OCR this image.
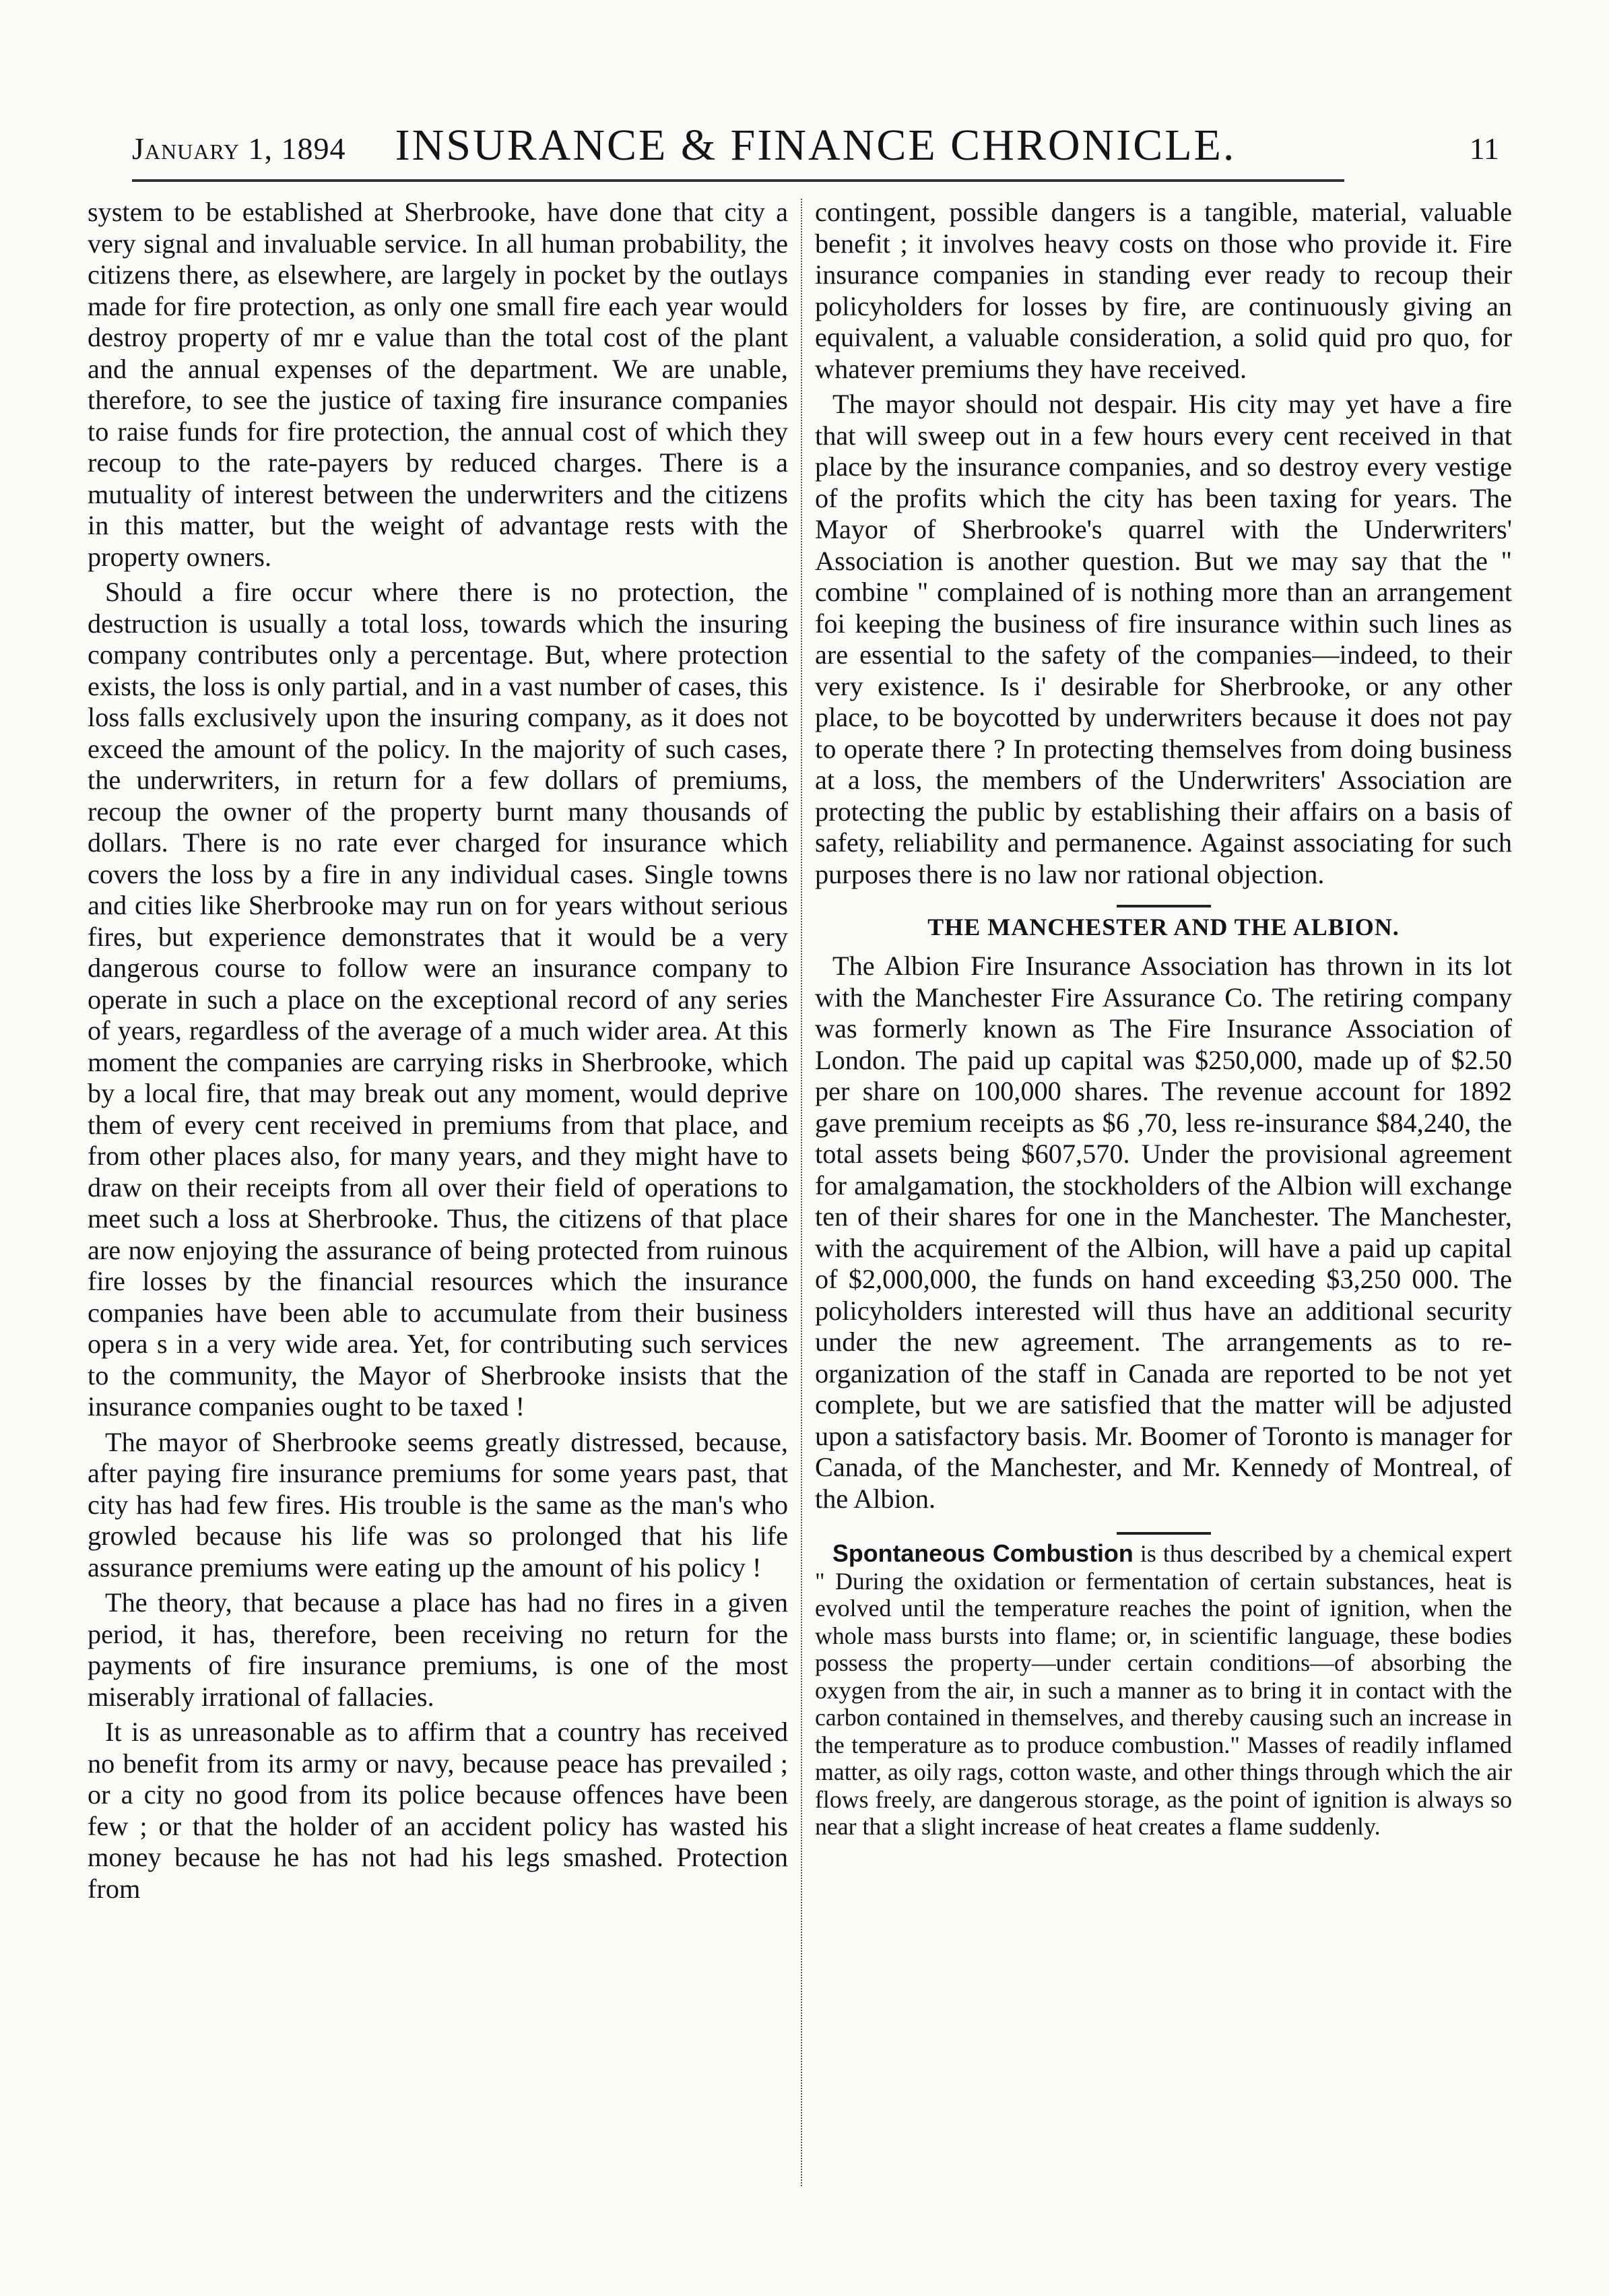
January 1, 1894	INSURANCE & FINANCE CHRONICLE.	11

system to be established at Sherbrooke, have done that city a very signal and invaluable service. In all human probability, the citizens there, as elsewhere, are largely in pocket by the outlays made for fire protection, as only one small fire each year would destroy property of mr e value than the total cost of the plant and the annual expenses of the department. We are unable, therefore, to see the justice of taxing fire insurance companies to raise funds for fire protection, the annual cost of which they recoup to the rate-payers by reduced charges. There is a mutuality of interest between the underwriters and the citizens in this matter, but the weight of advantage rests with the property owners.

Should a fire occur where there is no protection, the destruction is usually a total loss, towards which the insuring company contributes only a percentage. But, where protection exists, the loss is only partial, and in a vast number of cases, this loss falls exclusively upon the insuring company, as it does not exceed the amount of the policy. In the majority of such cases, the underwriters, in return for a few dollars of premiums, recoup the owner of the property burnt many thousands of dollars. There is no rate ever charged for insurance which covers the loss by a fire in any individual cases. Single towns and cities like Sherbrooke may run on for years without serious fires, but experience demonstrates that it would be a very dangerous course to follow were an insurance company to operate in such a place on the exceptional record of any series of years, regardless of the average of a much wider area. At this moment the companies are carrying risks in Sherbrooke, which by a local fire, that may break out any moment, would deprive them of every cent received in premiums from that place, and from other places also, for many years, and they might have to draw on their receipts from all over their field of operations to meet such a loss at Sherbrooke. Thus, the citizens of that place are now enjoying the assurance of being protected from ruinous fire losses by the financial resources which the insurance companies have been able to accumulate from their business opera s in a very wide area. Yet, for contributing such services to the community, the Mayor of Sherbrooke insists that the insurance companies ought to be taxed !

The mayor of Sherbrooke seems greatly distressed, because, after paying fire insurance premiums for some years past, that city has had few fires. His trouble is the same as the man's who growled because his life was so prolonged that his life assurance premiums were eating up the amount of his policy !

The theory, that because a place has had no fires in a given period, it has, therefore, been receiving no return for the payments of fire insurance premiums, is one of the most miserably irrational of fallacies.

It is as unreasonable as to affirm that a country has received no benefit from its army or navy, because peace has prevailed ; or a city no good from its police because offences have been few ; or that the holder of an accident policy has wasted his money because he has not had his legs smashed. Protection from

contingent, possible dangers is a tangible, material, valuable benefit ; it involves heavy costs on those who provide it. Fire insurance companies in standing ever ready to recoup their policyholders for losses by fire, are continuously giving an equivalent, a valuable consideration, a solid quid pro quo, for whatever premiums they have received.

The mayor should not despair. His city may yet have a fire that will sweep out in a few hours every cent received in that place by the insurance companies, and so destroy every vestige of the profits which the city has been taxing for years. The Mayor of Sherbrooke's quarrel with the Underwriters' Association is another question. But we may say that the " combine " complained of is nothing more than an arrangement foi keeping the business of fire insurance within such lines as are essential to the safety of the companies—indeed, to their very existence. Is i' desirable for Sherbrooke, or any other place, to be boycotted by underwriters because it does not pay to operate there ? In protecting themselves from doing business at a loss, the members of the Underwriters' Association are protecting the public by establishing their affairs on a basis of safety, reliability and permanence. Against associating for such purposes there is no law nor rational objection.

THE MANCHESTER AND THE ALBION.

The Albion Fire Insurance Association has thrown in its lot with the Manchester Fire Assurance Co. The retiring company was formerly known as The Fire Insurance Association of London. The paid up capital was $250,000, made up of $2.50 per share on 100,000 shares. The revenue account for 1892 gave premium receipts as $6 ,70, less re-insurance $84,240, the total assets being $607,570. Under the provisional agreement for amalgamation, the stockholders of the Albion will exchange ten of their shares for one in the Manchester. The Manchester, with the acquirement of the Albion, will have a paid up capital of $2,000,000, the funds on hand exceeding $3,250 000. The policyholders interested will thus have an additional security under the new agreement. The arrangements as to re-organization of the staff in Canada are reported to be not yet complete, but we are satisfied that the matter will be adjusted upon a satisfactory basis. Mr. Boomer of Toronto is manager for Canada, of the Manchester, and Mr. Kennedy of Montreal, of the Albion.

Spontaneous Combustion is thus described by a chemical expert " During the oxidation or fermentation of certain substances, heat is evolved until the temperature reaches the point of ignition, when the whole mass bursts into flame; or, in scientific language, these bodies possess the property—under certain conditions—of absorbing the oxygen from the air, in such a manner as to bring it in contact with the carbon contained in themselves, and thereby causing such an increase in the temperature as to produce combustion." Masses of readily inflamed matter, as oily rags, cotton waste, and other things through which the air flows freely, are dangerous storage, as the point of ignition is always so near that a slight increase of heat creates a flame suddenly.
